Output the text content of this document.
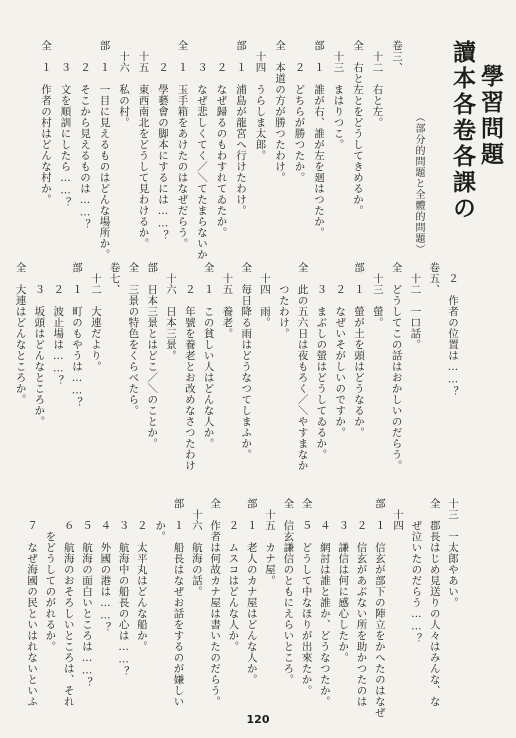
讀本各卷各課の 學習問題
（部分的問題と全體的問題）
卷三、
　十二　右と左。
全　右と左とをどうしてきめるか。
　十三　まはりつこ。
部　１　誰が右、誰が左を廻はつたか。
　　２　どちらが勝つたか。
全　本道の方が勝つたわけ。
　十四　うらしま太郎。
部　１　浦島が龍宮へ行けたわけ。
　　２　なぜ歸るのもわすれてゐたか。
　　３　なぜ悲しくてく／＼てたまらないか
全　１　玉手箱をあけたのはなぜだらう。
　　２　學藝會の脚本にするには……？
　十五　東西南北をどうして見わけるか。
　十六　私の村。
部　１　一目に見えるものはどんな場所か。
　　２　そこから見えるものは……？
　　３　文を順訓にしたら……？
全　１　作者の村はどんな村か。
　２　作者の位置は……？
卷五、
　十二　一口話。
全　どうしてこの話はおかしいのだらう。
　十三　螢。
部　１　螢が土を頭はどうなるか。
　　２　なぜいそがしいのですか。
　　３　まぶしの螢はどうしてゐるか。
全　此の五六日は夜もろく／＼やすまなか
　　つたわけ。
　十四　雨。
全　毎日降る雨はどうなつてしまふか。
　十五　養老。
全　１　この貧しい人はどんな人か。
　　２　年號を養老とお改めなさつたわけ
　十六　日本三景。
部　日本三景とはどこ／＼のことか。
全　三景の特色をくらべたら。
卷七、
　十二　大連だより。
部　１　町のもやうは……？
　　２　波止場は……？
　　３　坂頭はどんなところか。
全　大連はどんなところか。
十三　一太郎やあい。
全　郡長はじめ見送りの人々はみんな、な
　　ぜ泣いたのだらう……？
　十四　
部　１　信玄が部下の陣立をかへたのはなぜ
　　２　信玄があぶない所を助かつたのは
　　３　謙信は何に感心したか。
　　４　網討は誰と誰か、どうなつたか。
全　５　どうして中なほりが出來たか。
全　信玄謙信のともにえらいところ。
　十五　カナ屋。
部　１　老人のカナ屋はどんな人か。
　　２　ムスコはどんな人か。
全　作者は何故カナ屋は書いたのだらう。
　十六　航海の話。
部　１　船長はなぜお話をするのが嫌しい
　　か。
　　２　太平丸はどんな船か。
　　３　航海中の船長の心は……？
　　４　外國の港は……？
　　５　航海の面白いところは……？
　　６　航海のおそろしいところは、それ
　　　をどうしてのがれるか。
　　７　なぜ海國の民といはれないといふ
120
